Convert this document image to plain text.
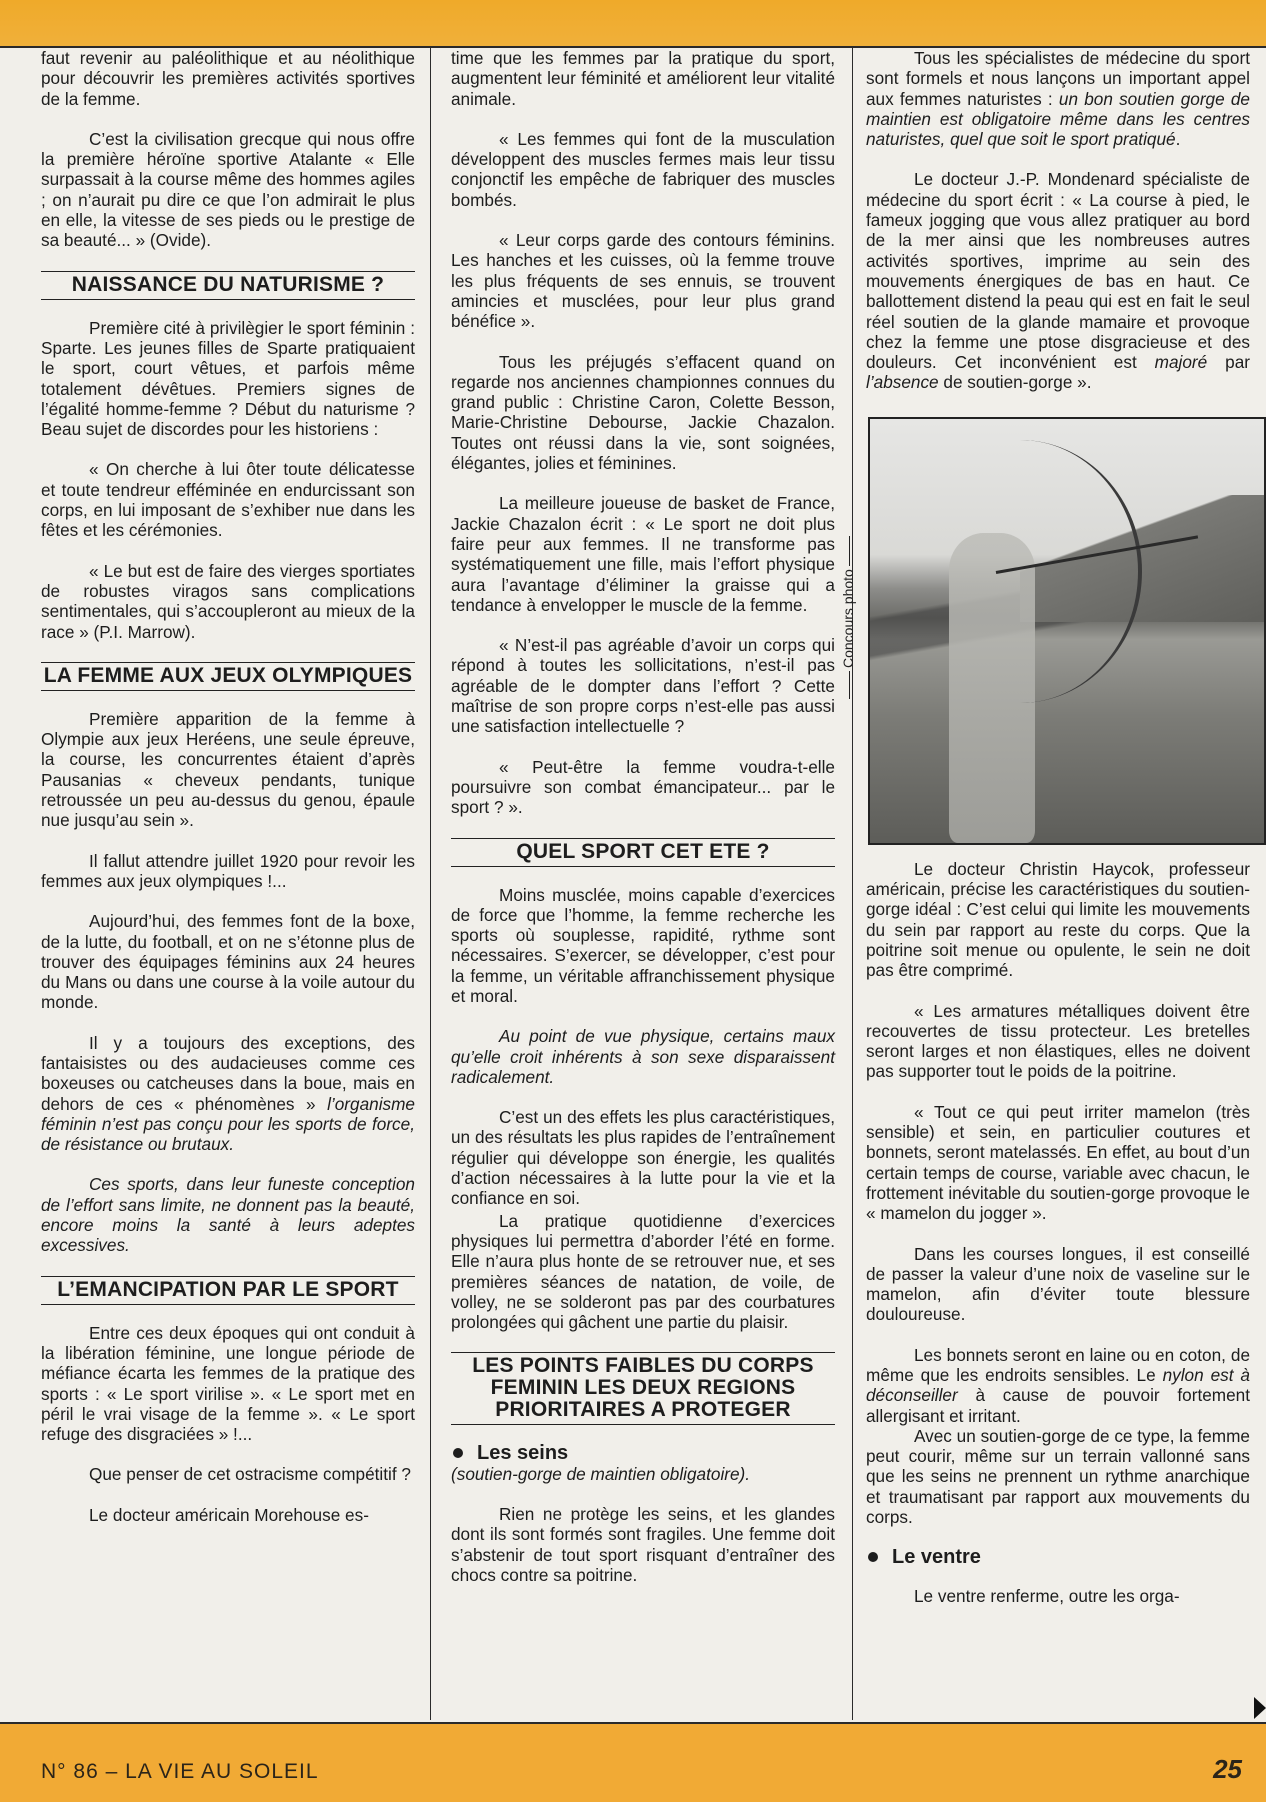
faut revenir au paléolithique et au néolithique pour découvrir les premières activités sportives de la femme.

C’est la civilisation grecque qui nous offre la première héroïne sportive Atalante « Elle surpassait à la course même des hommes agiles ; on n’aurait pu dire ce que l’on admirait le plus en elle, la vitesse de ses pieds ou le prestige de sa beauté... » (Ovide).

NAISSANCE DU NATURISME ?

Première cité à privilègier le sport féminin : Sparte. Les jeunes filles de Sparte pratiquaient le sport, court vêtues, et parfois même totalement dévêtues. Premiers signes de l’égalité homme-femme ? Début du naturisme ? Beau sujet de discordes pour les historiens :

« On cherche à lui ôter toute délicatesse et toute tendreur efféminée en endurcissant son corps, en lui imposant de s’exhiber nue dans les fêtes et les cérémonies.

« Le but est de faire des vierges sportiates de robustes viragos sans complications sentimentales, qui s’accoupleront au mieux de la race » (P.I. Marrow).

LA FEMME AUX JEUX OLYMPIQUES

Première apparition de la femme à Olympie aux jeux Heréens, une seule épreuve, la course, les concurrentes étaient d’après Pausanias « cheveux pendants, tunique retroussée un peu au-dessus du genou, épaule nue jusqu’au sein ».

Il fallut attendre juillet 1920 pour revoir les femmes aux jeux olympiques !...

Aujourd’hui, des femmes font de la boxe, de la lutte, du football, et on ne s’étonne plus de trouver des équipages féminins aux 24 heures du Mans ou dans une course à la voile autour du monde.

Il y a toujours des exceptions, des fantaisistes ou des audacieuses comme ces boxeuses ou catcheuses dans la boue, mais en dehors de ces « phénomènes » l’organisme féminin n’est pas conçu pour les sports de force, de résistance ou brutaux.

Ces sports, dans leur funeste conception de l’effort sans limite, ne donnent pas la beauté, encore moins la santé à leurs adeptes excessives.

L’EMANCIPATION PAR LE SPORT

Entre ces deux époques qui ont conduit à la libération féminine, une longue période de méfiance écarta les femmes de la pratique des sports : « Le sport virilise ». « Le sport met en péril le vrai visage de la femme ». « Le sport refuge des disgraciées » !...

Que penser de cet ostracisme compétitif ?

Le docteur américain Morehouse es-

time que les femmes par la pratique du sport, augmentent leur féminité et améliorent leur vitalité animale.

« Les femmes qui font de la musculation développent des muscles fermes mais leur tissu conjonctif les empêche de fabriquer des muscles bombés.

« Leur corps garde des contours féminins. Les hanches et les cuisses, où la femme trouve les plus fréquents de ses ennuis, se trouvent amincies et musclées, pour leur plus grand bénéfice ».

Tous les préjugés s’effacent quand on regarde nos anciennes championnes connues du grand public : Christine Caron, Colette Besson, Marie-Christine Debourse, Jackie Chazalon. Toutes ont réussi dans la vie, sont soignées, élégantes, jolies et féminines.

La meilleure joueuse de basket de France, Jackie Chazalon écrit : « Le sport ne doit plus faire peur aux femmes. Il ne transforme pas systématiquement une fille, mais l’effort physique aura l’avantage d’éliminer la graisse qui a tendance à envelopper le muscle de la femme.

« N’est-il pas agréable d’avoir un corps qui répond à toutes les sollicitations, n’est-il pas agréable de le dompter dans l’effort ? Cette maîtrise de son propre corps n’est-elle pas aussi une satisfaction intellectuelle ?

« Peut-être la femme voudra-t-elle poursuivre son combat émancipateur... par le sport ? ».

QUEL SPORT CET ETE ?

Moins musclée, moins capable d’exercices de force que l’homme, la femme recherche les sports où souplesse, rapidité, rythme sont nécessaires. S’exercer, se développer, c’est pour la femme, un véritable affranchissement physique et moral.

Au point de vue physique, certains maux qu’elle croit inhérents à son sexe disparaissent radicalement.

C’est un des effets les plus caractéristiques, un des résultats les plus rapides de l’entraînement régulier qui développe son énergie, les qualités d’action nécessaires à la lutte pour la vie et la confiance en soi.

La pratique quotidienne d’exercices physiques lui permettra d’aborder l’été en forme. Elle n’aura plus honte de se retrouver nue, et ses premières séances de natation, de voile, de volley, ne se solderont pas par des courbatures prolongées qui gâchent une partie du plaisir.

LES POINTS FAIBLES DU CORPS FEMININ LES DEUX REGIONS PRIORITAIRES A PROTEGER
Les seins

(soutien-gorge de maintien obligatoire).

Rien ne protège les seins, et les glandes dont ils sont formés sont fragiles. Une femme doit s’abstenir de tout sport risquant d’entraîner des chocs contre sa poitrine.

Tous les spécialistes de médecine du sport sont formels et nous lançons un important appel aux femmes naturistes : un bon soutien gorge de maintien est obligatoire même dans les centres naturistes, quel que soit le sport pratiqué.

Le docteur J.-P. Mondenard spécialiste de médecine du sport écrit : « La course à pied, le fameux jogging que vous allez pratiquer au bord de la mer ainsi que les nombreuses autres activités sportives, imprime au sein des mouvements énergiques de bas en haut. Ce ballottement distend la peau qui est en fait le seul réel soutien de la glande mamaire et provoque chez la femme une ptose disgracieuse et des douleurs. Cet inconvénient est majoré par l’absence de soutien-gorge ».

Concours photo

Le docteur Christin Haycok, professeur américain, précise les caractéristiques du soutien-gorge idéal : C’est celui qui limite les mouvements du sein par rapport au reste du corps. Que la poitrine soit menue ou opulente, le sein ne doit pas être comprimé.

« Les armatures métalliques doivent être recouvertes de tissu protecteur. Les bretelles seront larges et non élastiques, elles ne doivent pas supporter tout le poids de la poitrine.

« Tout ce qui peut irriter mamelon (très sensible) et sein, en particulier coutures et bonnets, seront matelassés. En effet, au bout d’un certain temps de course, variable avec chacun, le frottement inévitable du soutien-gorge provoque le « mamelon du jogger ».

Dans les courses longues, il est conseillé de passer la valeur d’une noix de vaseline sur le mamelon, afin d’éviter toute blessure douloureuse.

Les bonnets seront en laine ou en coton, de même que les endroits sensibles. Le nylon est à déconseiller à cause de pouvoir fortement allergisant et irritant.

Avec un soutien-gorge de ce type, la femme peut courir, même sur un terrain vallonné sans que les seins ne prennent un rythme anarchique et traumatisant par rapport aux mouvements du corps.

Le ventre

Le ventre renferme, outre les orga-

N° 86 – LA VIE AU SOLEIL	25
